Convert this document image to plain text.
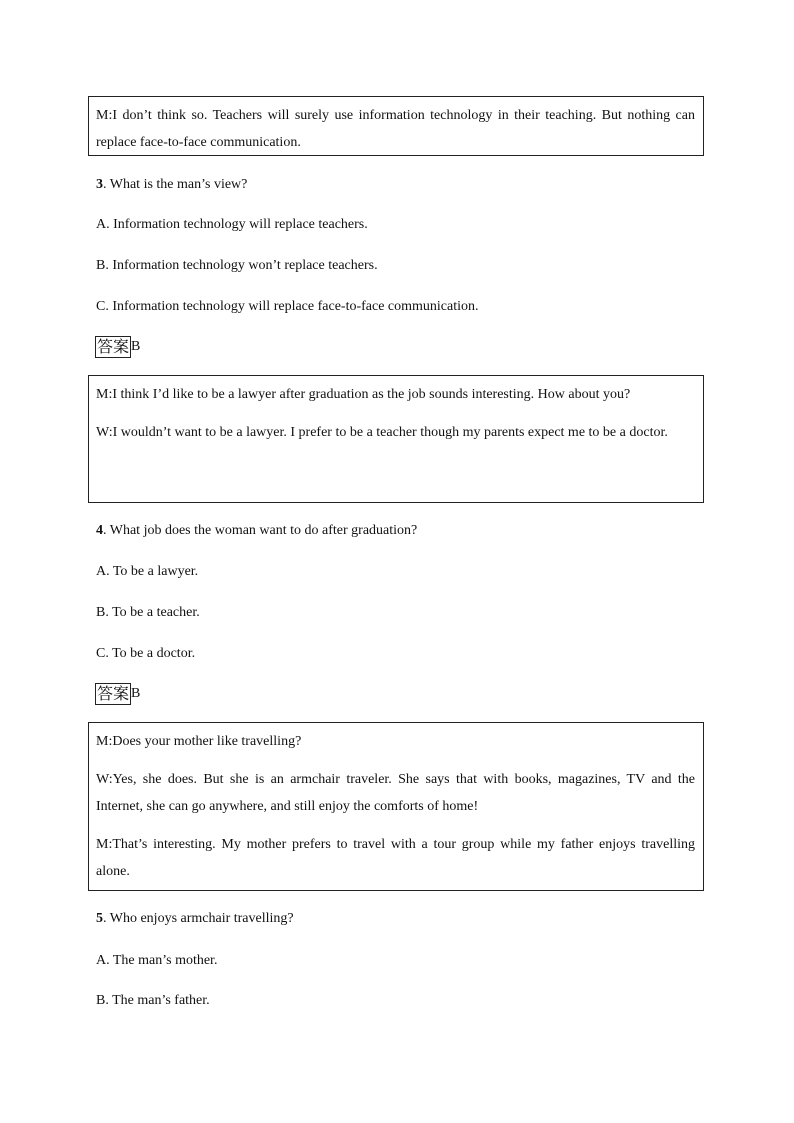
M:I don’t think so. Teachers will surely use information technology in their teaching. But nothing can replace face-to-face communication.

3. What is the man’s view?
A. Information technology will replace teachers.
B. Information technology won’t replace teachers.
C. Information technology will replace face-to-face communication.
答案 B

M:I think I’d like to be a lawyer after graduation as the job sounds interesting. How about you?

W:I wouldn’t want to be a lawyer. I prefer to be a teacher though my parents expect me to be a doctor.

4. What job does the woman want to do after graduation?
A. To be a lawyer.
B. To be a teacher.
C. To be a doctor.
答案 B

M:Does your mother like travelling?

W:Yes, she does. But she is an armchair traveler. She says that with books, magazines, TV and the Internet, she can go anywhere, and still enjoy the comforts of home!

M:That’s interesting. My mother prefers to travel with a tour group while my father enjoys travelling alone.

5. Who enjoys armchair travelling?
A. The man’s mother.
B. The man’s father.
